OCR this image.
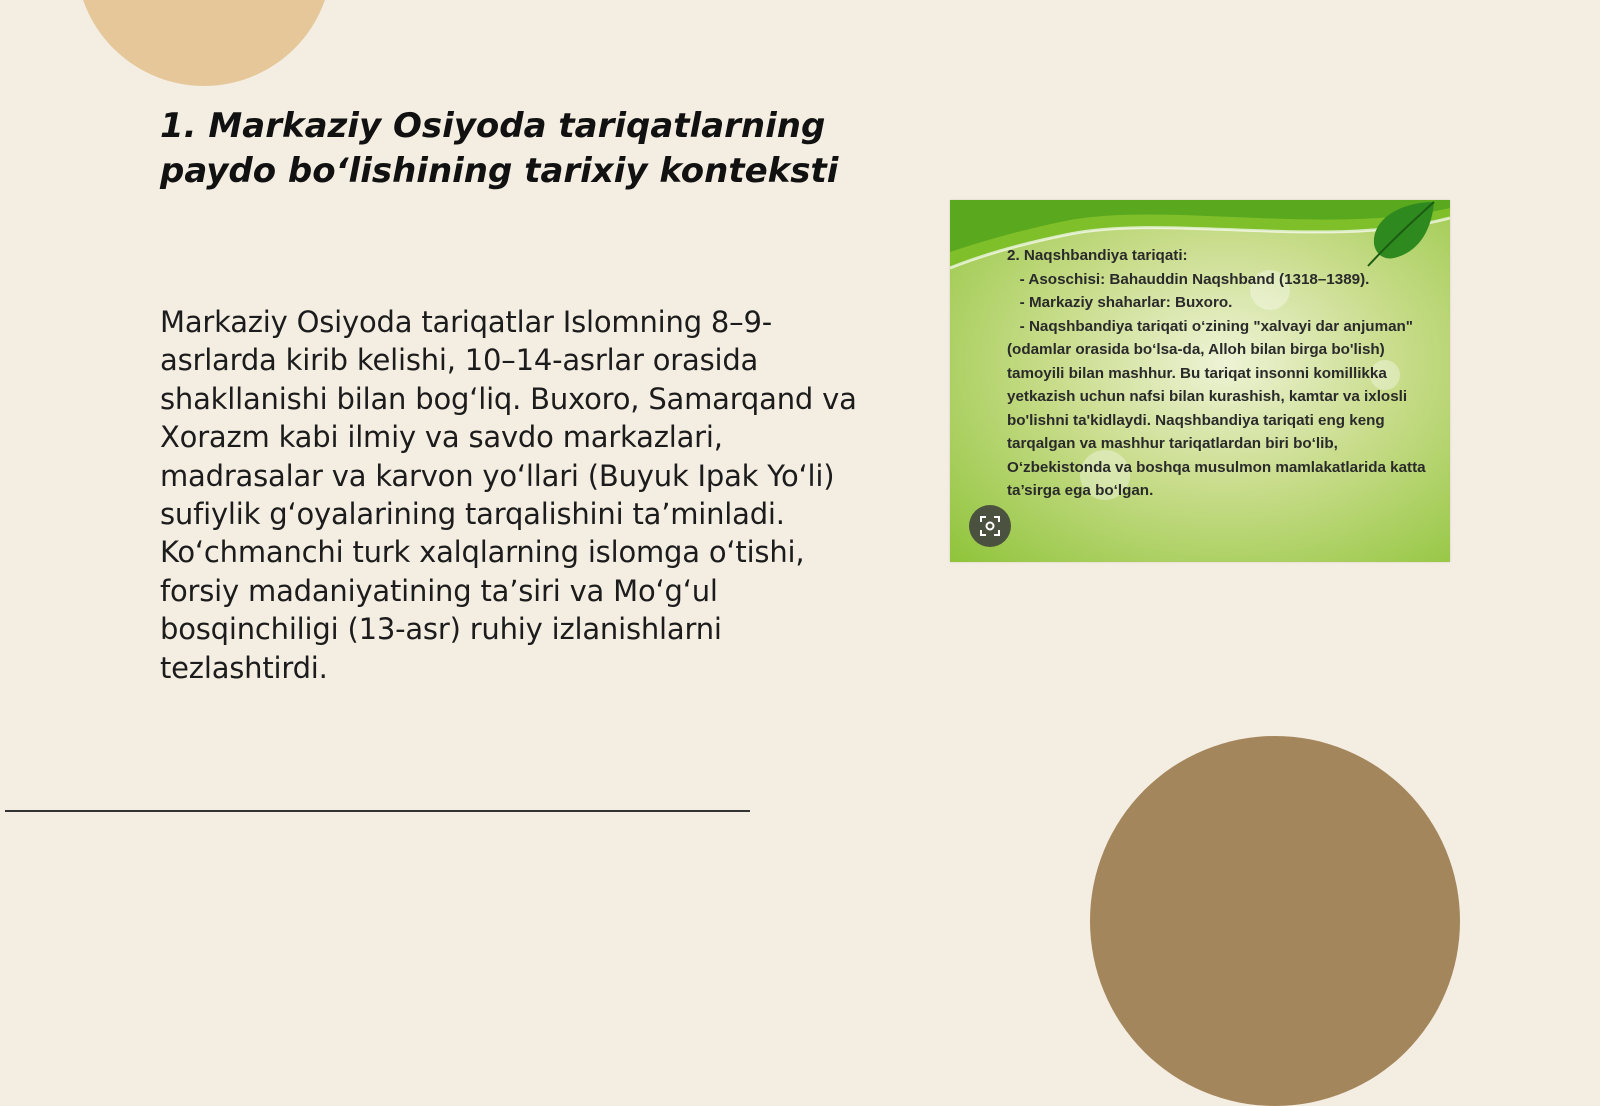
1. Markaziy Osiyoda tariqatlarning paydo bo‘lishining tarixiy konteksti

Markaziy Osiyoda tariqatlar Islomning 8–9-asrlarda kirib kelishi, 10–14-asrlar orasida shakllanishi bilan bog‘liq. Buxoro, Samarqand va Xorazm kabi ilmiy va savdo markazlari, madrasalar va karvon yo‘llari (Buyuk Ipak Yo‘li) sufiylik g‘oyalarining tarqalishini ta’minladi. Ko‘chmanchi turk xalqlarning islomga o‘tishi, forsiy madaniyatining ta’siri va Mo‘g‘ul bosqinchiligi (13-asr) ruhiy izlanishlarni tezlashtirdi.

2. Naqshbandiya tariqati:
- Asoschisi: Bahauddin Naqshband (1318–1389).
- Markaziy shaharlar: Buxoro.
- Naqshbandiya tariqati o‘zining "xalvayi dar anjuman" (odamlar orasida bo‘lsa-da, Alloh bilan birga bo'lish) tamoyili bilan mashhur. Bu tariqat insonni komillikka yetkazish uchun nafsi bilan kurashish, kamtar va ixlosli bo'lishni ta'kidlaydi. Naqshbandiya tariqati eng keng tarqalgan va mashhur tariqatlardan biri bo‘lib, O‘zbekistonda va boshqa musulmon mamlakatlarida katta ta’sirga ega bo‘lgan.
